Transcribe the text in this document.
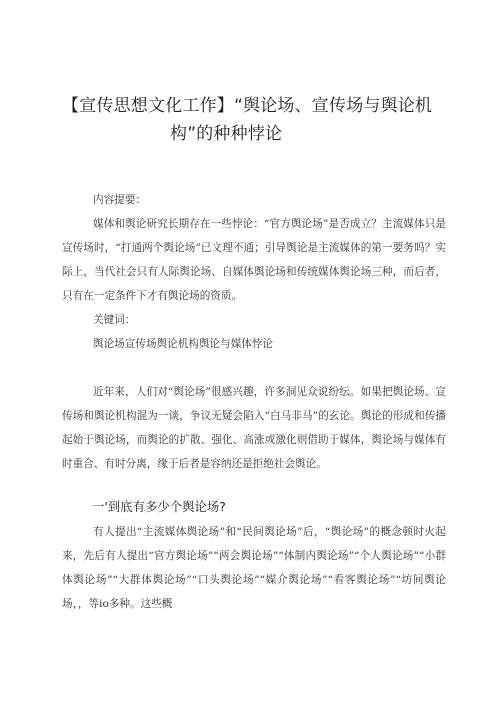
【宣传思想文化工作】“舆论场、宣传场与舆论机
构”的种种悖论
内容提要：
媒体和舆论研究长期存在一些悖论：“官方舆论场”是否成立？主流媒体只是宣传场时，“打通两个舆论场”已文理不通；引导舆论是主流媒体的第一要务吗？实际上，当代社会只有人际舆论场、自媒体舆论场和传统媒体舆论场三种，而后者，只有在一定条件下才有舆论场的资质。
关键词：
舆论场宣传场舆论机构舆论与媒体悖论
近年来，人们对“舆论场”很感兴趣，许多洞见众说纷纭。如果把舆论场、宣传场和舆论机构混为一谈，争议无疑会陷入“白马非马”的玄论。舆论的形成和传播起始于舆论场，而舆论的扩散、强化、高涨或激化则借助于媒体，舆论场与媒体有时重合、有时分离，缘于后者是容纳还是拒绝社会舆论。
一'到底有多少个舆论场?
有人提出“主流媒体舆论场”和“民间舆论场”后，“舆论场”的概念顿时火起来，先后有人提出“官方舆论场”“两会舆论场”“体制内舆论场”“个人舆论场”“小群体舆论场”“大群体舆论场”“口头舆论场”“媒介舆论场”“看客舆论场”“坊间舆论场，，等io多种。这些概
